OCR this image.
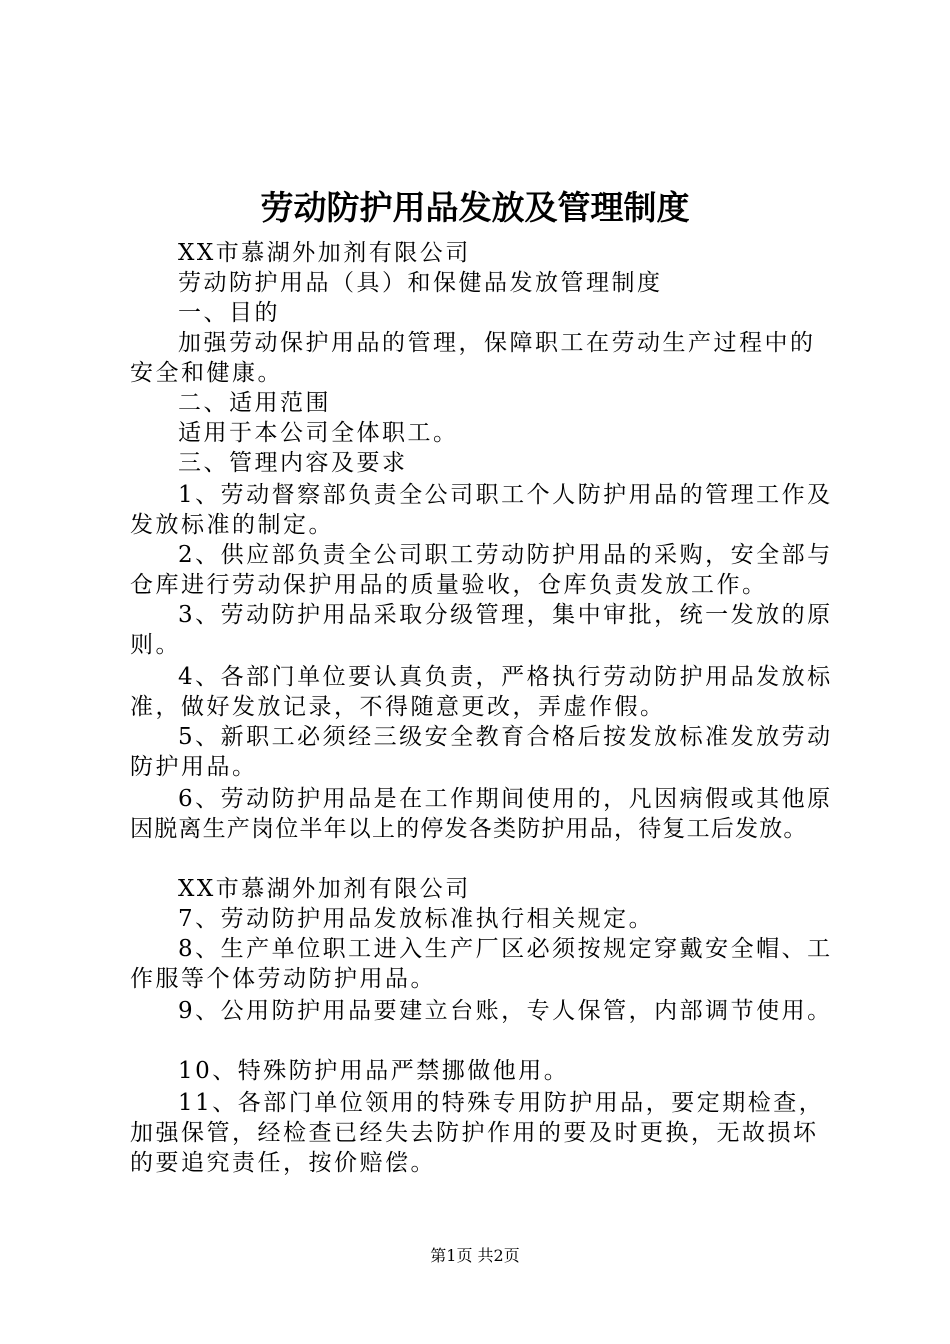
劳动防护用品发放及管理制度

XX市慕湖外加剂有限公司

劳动防护用品（具）和保健品发放管理制度

一、目的

加强劳动保护用品的管理，保障职工在劳动生产过程中的

安全和健康。

二、适用范围

适用于本公司全体职工。

三、管理内容及要求

1、劳动督察部负责全公司职工个人防护用品的管理工作及

发放标准的制定。

2、供应部负责全公司职工劳动防护用品的采购，安全部与

仓库进行劳动保护用品的质量验收，仓库负责发放工作。

3、劳动防护用品采取分级管理，集中审批，统一发放的原

则。

4、各部门单位要认真负责，严格执行劳动防护用品发放标

准，做好发放记录，不得随意更改，弄虚作假。

5、新职工必须经三级安全教育合格后按发放标准发放劳动

防护用品。

6、劳动防护用品是在工作期间使用的，凡因病假或其他原

因脱离生产岗位半年以上的停发各类防护用品，待复工后发放。

XX市慕湖外加剂有限公司

7、劳动防护用品发放标准执行相关规定。

8、生产单位职工进入生产厂区必须按规定穿戴安全帽、工

作服等个体劳动防护用品。

9、公用防护用品要建立台账，专人保管，内部调节使用。

10、特殊防护用品严禁挪做他用。

11、各部门单位领用的特殊专用防护用品，要定期检查，

加强保管，经检查已经失去防护作用的要及时更换，无故损坏

的要追究责任，按价赔偿。

第1页 共2页
